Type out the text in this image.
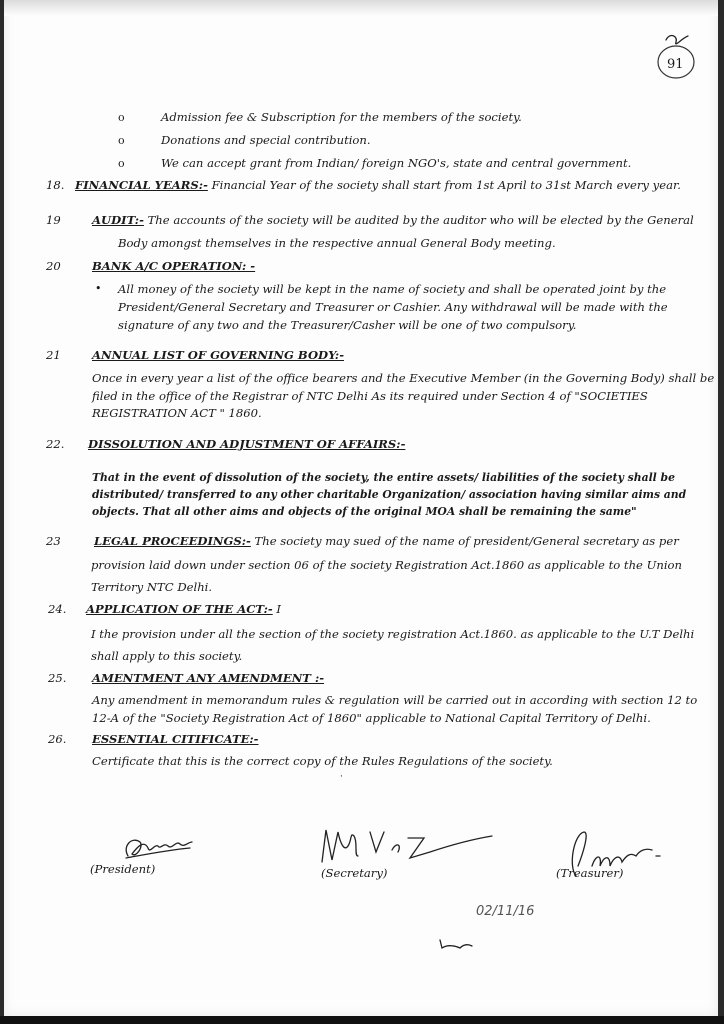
91
o	Admission fee & Subscription for the members of the society.
o	Donations and special contribution.
o	We can accept grant from Indian/ foreign NGO's, state and central government.
18. FINANCIAL YEARS:- Financial Year of the society shall start from 1st April to 31st March every year.
19	AUDIT:- The accounts of the society will be audited by the auditor who will be elected by the General
Body amongst themselves in the respective annual General Body meeting.
20	BANK A/C OPERATION: -
• All money of the society will be kept in the name of society and shall be operated joint by the
President/General Secretary and Treasurer or Cashier. Any withdrawal will be made with the
signature of any two and the Treasurer/Casher will be one of two compulsory.
21	ANNUAL LIST OF GOVERNING BODY:-
Once in every year a list of the office bearers and the Executive Member (in the Governing Body) shall be
filed in the office of the Registrar of NTC Delhi As its required under Section 4 of "SOCIETIES
REGISTRATION ACT " 1860.
22. DISSOLUTION AND ADJUSTMENT OF AFFAIRS:-
That in the event of dissolution of the society, the entire assets/ liabilities of the society shall be
distributed/ transferred to any other charitable Organization/ association having similar aims and
objects. That all other aims and objects of the original MOA shall be remaining the same"
23	LEGAL PROCEEDINGS:- The society may sued of the name of president/General secretary as per
provision laid down under section 06 of the society Registration Act.1860 as applicable to the Union
Territory NTC Delhi.
24. APPLICATION OF THE ACT:- I
I the provision under all the section of the society registration Act.1860. as applicable to the U.T Delhi
shall apply to this society.
25. AMENTMENT ANY AMENDMENT :-
Any amendment in memorandum rules & regulation will be carried out in according with section 12 to
12-A of the "Society Registration Act of 1860" applicable to National Capital Territory of Delhi.
26. ESSENTIAL CITIFICATE:-
Certificate that this is the correct copy of the Rules Regulations of the society.
·
(President)	(Secretary)	(Treasurer)
02/11/16
